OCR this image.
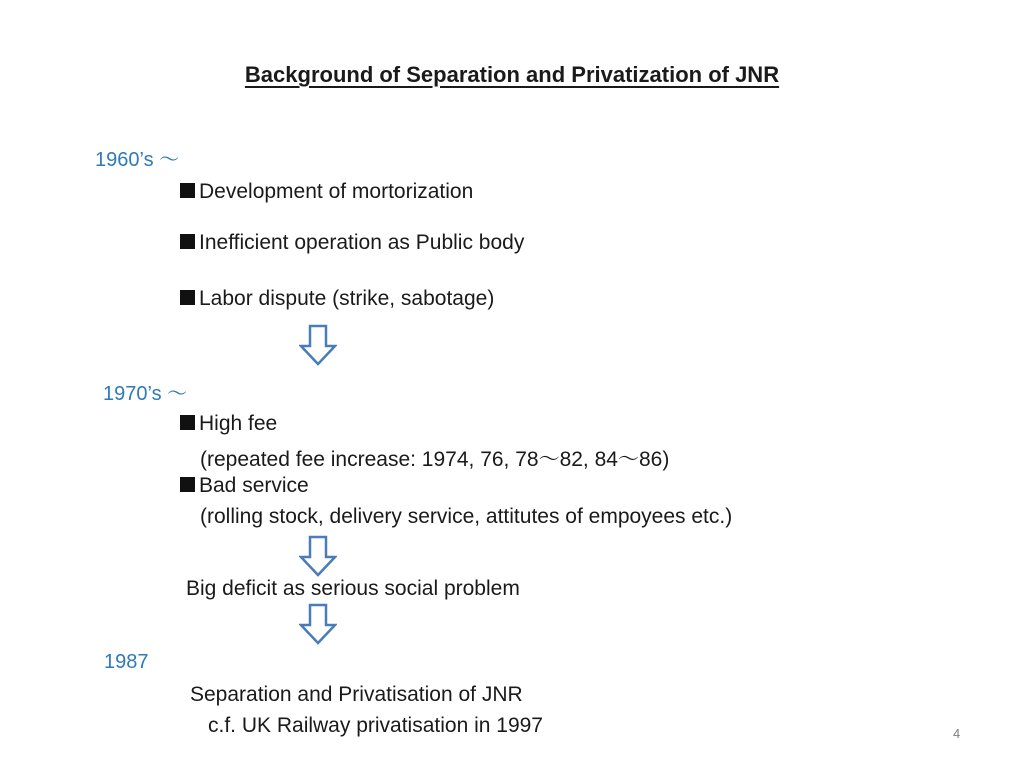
Background of Separation and Privatization of JNR
1960’s ～
Development of mortorization
Inefficient operation as Public body
Labor dispute (strike, sabotage)
1970’s ～
High fee
(repeated fee increase: 1974, 76, 78～82, 84～86)
Bad service
(rolling stock, delivery service, attitutes of empoyees etc.)
Big deficit as serious social problem
1987
Separation and Privatisation of JNR
c.f. UK Railway privatisation in 1997	4
